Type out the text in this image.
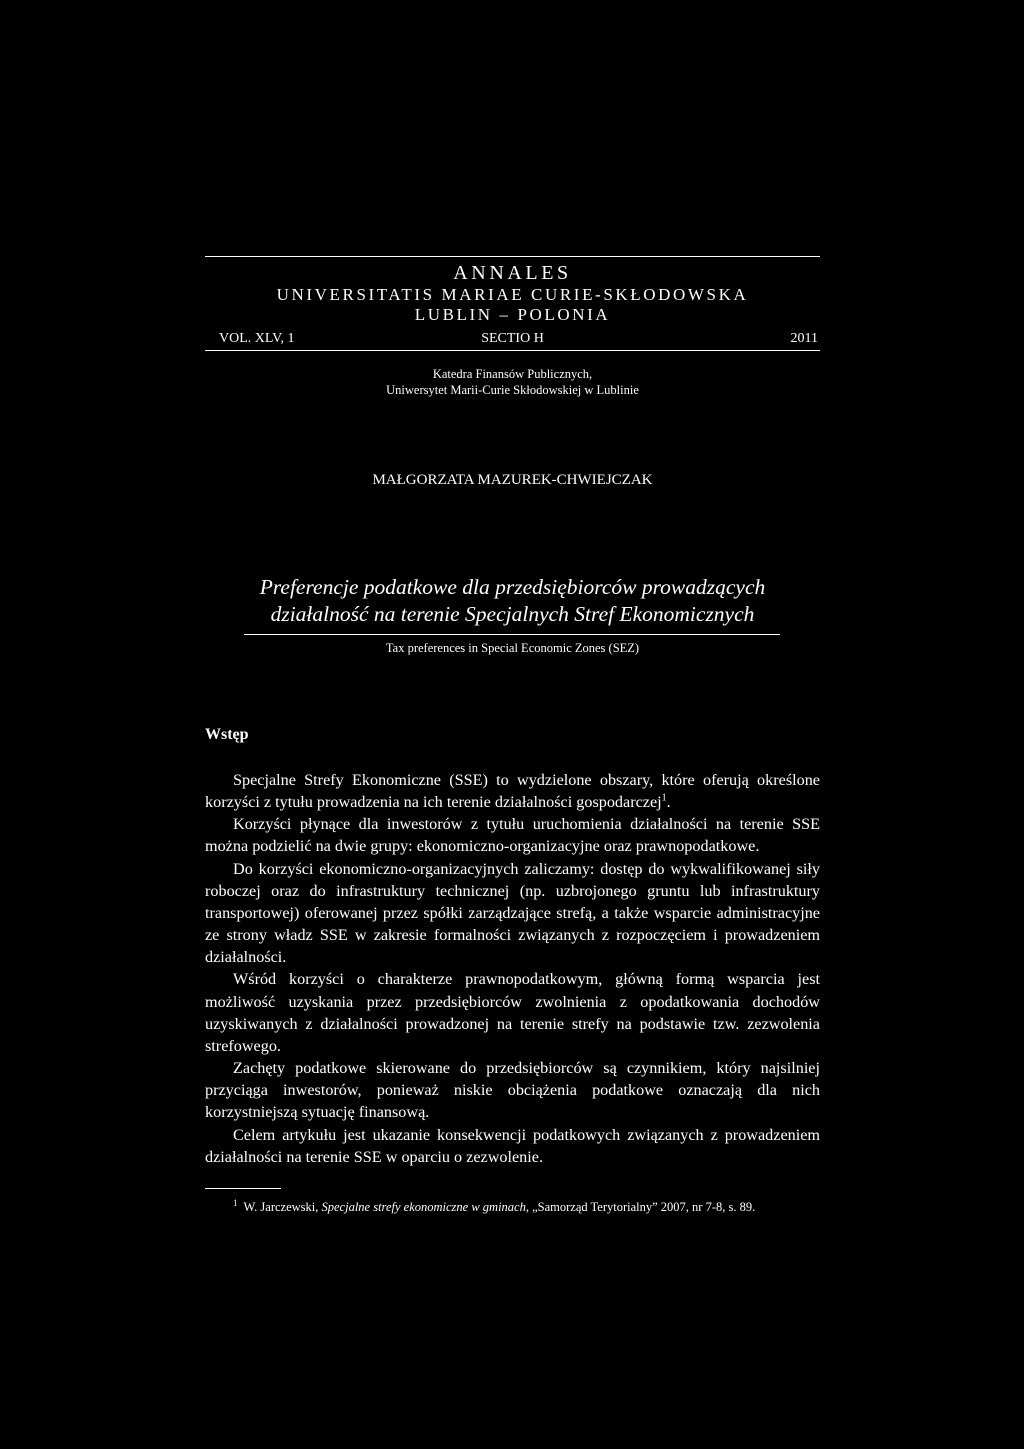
ANNALES
UNIVERSITATIS MARIAE CURIE-SKŁODOWSKA
LUBLIN – POLONIA
VOL. XLV, 1	SECTIO H	2011
Katedra Finansów Publicznych,
Uniwersytet Marii-Curie Skłodowskiej w Lublinie
MAŁGORZATA MAZUREK-CHWIEJCZAK
Preferencje podatkowe dla przedsiębiorców prowadzących
działalność na terenie Specjalnych Stref Ekonomicznych
Tax preferences in Special Economic Zones (SEZ)
Wstęp

Specjalne Strefy Ekonomiczne (SSE) to wydzielone obszary, które oferują określone korzyści z tytułu prowadzenia na ich terenie działalności gospodarczej$^1$.

Korzyści płynące dla inwestorów z tytułu uruchomienia działalności na terenie SSE można podzielić na dwie grupy: ekonomiczno-organizacyjne oraz prawnopodatkowe.

Do korzyści ekonomiczno-organizacyjnych zaliczamy: dostęp do wykwalifikowanej siły roboczej oraz do infrastruktury technicznej (np. uzbrojonego gruntu lub infrastruktury transportowej) oferowanej przez spółki zarządzające strefą, a także wsparcie administracyjne ze strony władz SSE w zakresie formalności związanych z rozpoczęciem i prowadzeniem działalności.

Wśród korzyści o charakterze prawnopodatkowym, główną formą wsparcia jest możliwość uzyskania przez przedsiębiorców zwolnienia z opodatkowania dochodów uzyskiwanych z działalności prowadzonej na terenie strefy na podstawie tzw. zezwolenia strefowego.

Zachęty podatkowe skierowane do przedsiębiorców są czynnikiem, który najsilniej przyciąga inwestorów, ponieważ niskie obciążenia podatkowe oznaczają dla nich korzystniejszą sytuację finansową.

Celem artykułu jest ukazanie konsekwencji podatkowych związanych z prowadzeniem działalności na terenie SSE w oparciu o zezwolenie.

$^1$ W. Jarczewski, Specjalne strefy ekonomiczne w gminach, „Samorząd Terytorialny” 2007, nr 7-8, s. 89.
